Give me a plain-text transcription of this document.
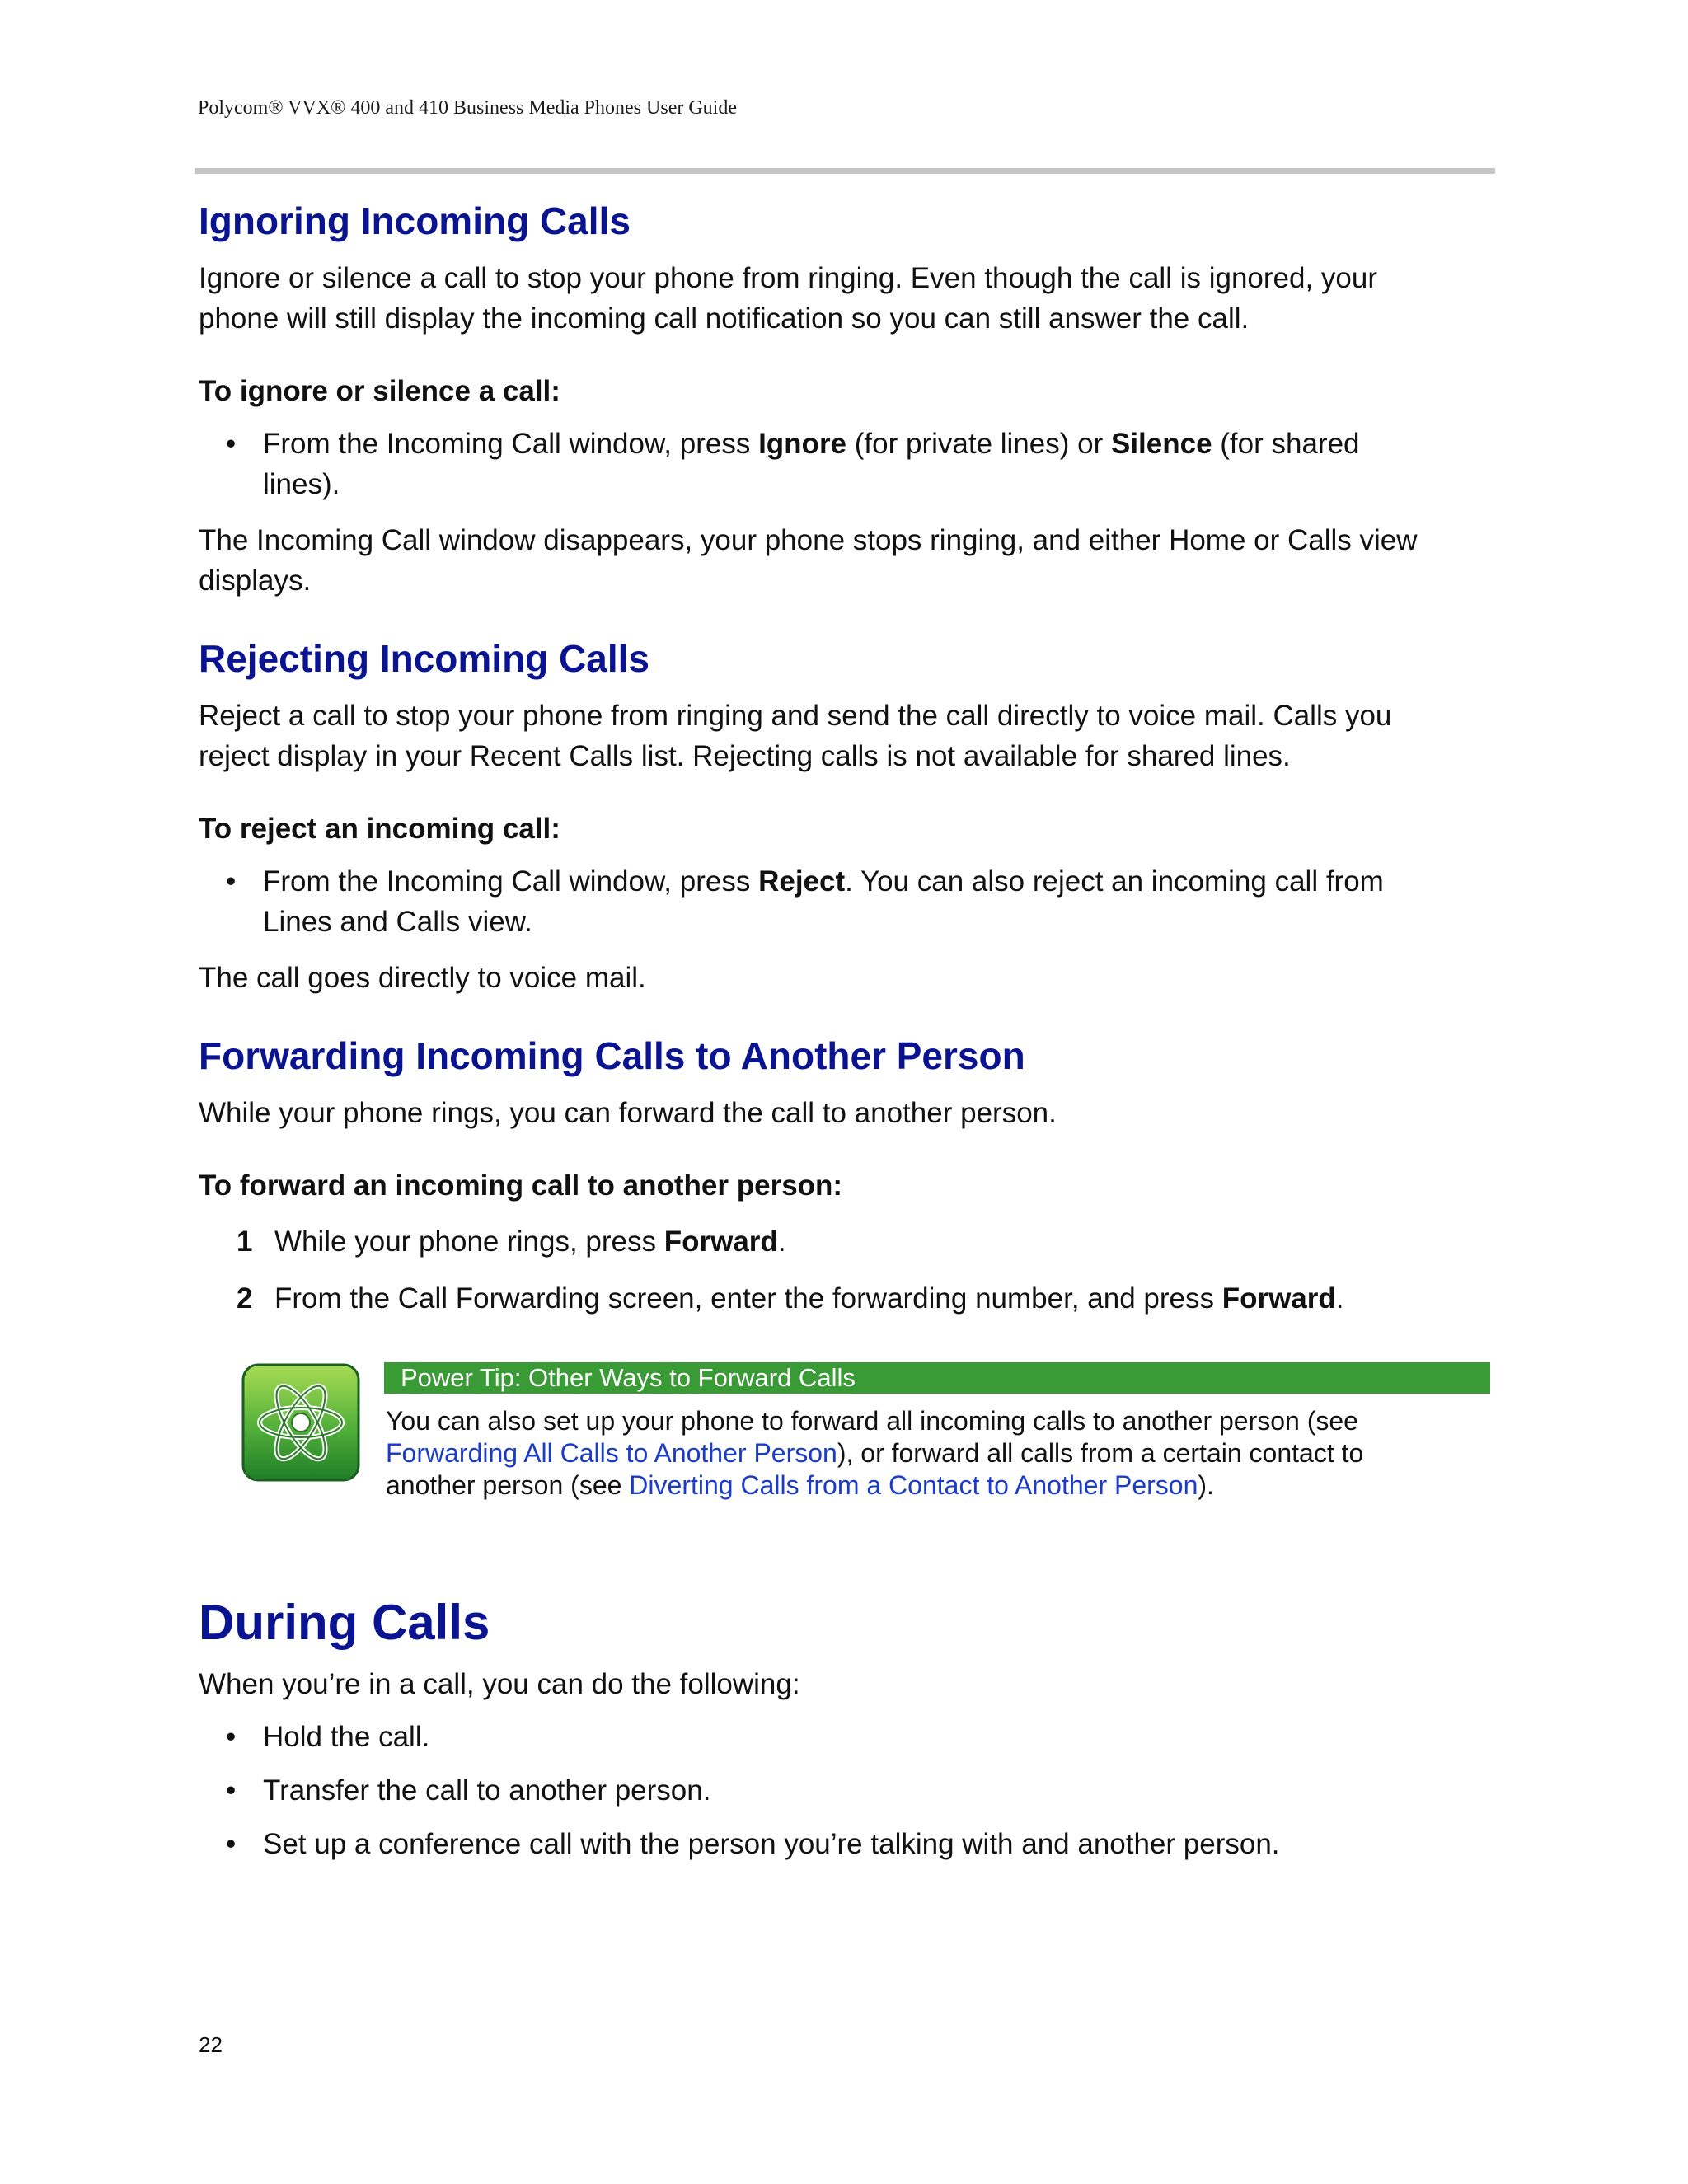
Polycom® VVX® 400 and 410 Business Media Phones User Guide
Ignoring Incoming Calls

Ignore or silence a call to stop your phone from ringing. Even though the call is ignored, your
phone will still display the incoming call notification so you can still answer the call.

To ignore or silence a call:

• From the Incoming Call window, press Ignore (for private lines) or Silence (for shared
lines).

The Incoming Call window disappears, your phone stops ringing, and either Home or Calls view
displays.

Rejecting Incoming Calls

Reject a call to stop your phone from ringing and send the call directly to voice mail. Calls you
reject display in your Recent Calls list. Rejecting calls is not available for shared lines.

To reject an incoming call:

• From the Incoming Call window, press Reject. You can also reject an incoming call from
Lines and Calls view.

The call goes directly to voice mail.

Forwarding Incoming Calls to Another Person

While your phone rings, you can forward the call to another person.

To forward an incoming call to another person:

1 While your phone rings, press Forward.
2 From the Call Forwarding screen, enter the forwarding number, and press Forward.
Power Tip: Other Ways to Forward Calls
You can also set up your phone to forward all incoming calls to another person (see
Forwarding All Calls to Another Person), or forward all calls from a certain contact to
another person (see Diverting Calls from a Contact to Another Person).
During Calls

When you’re in a call, you can do the following:

• Hold the call.
• Transfer the call to another person.
• Set up a conference call with the person you’re talking with and another person.
22
